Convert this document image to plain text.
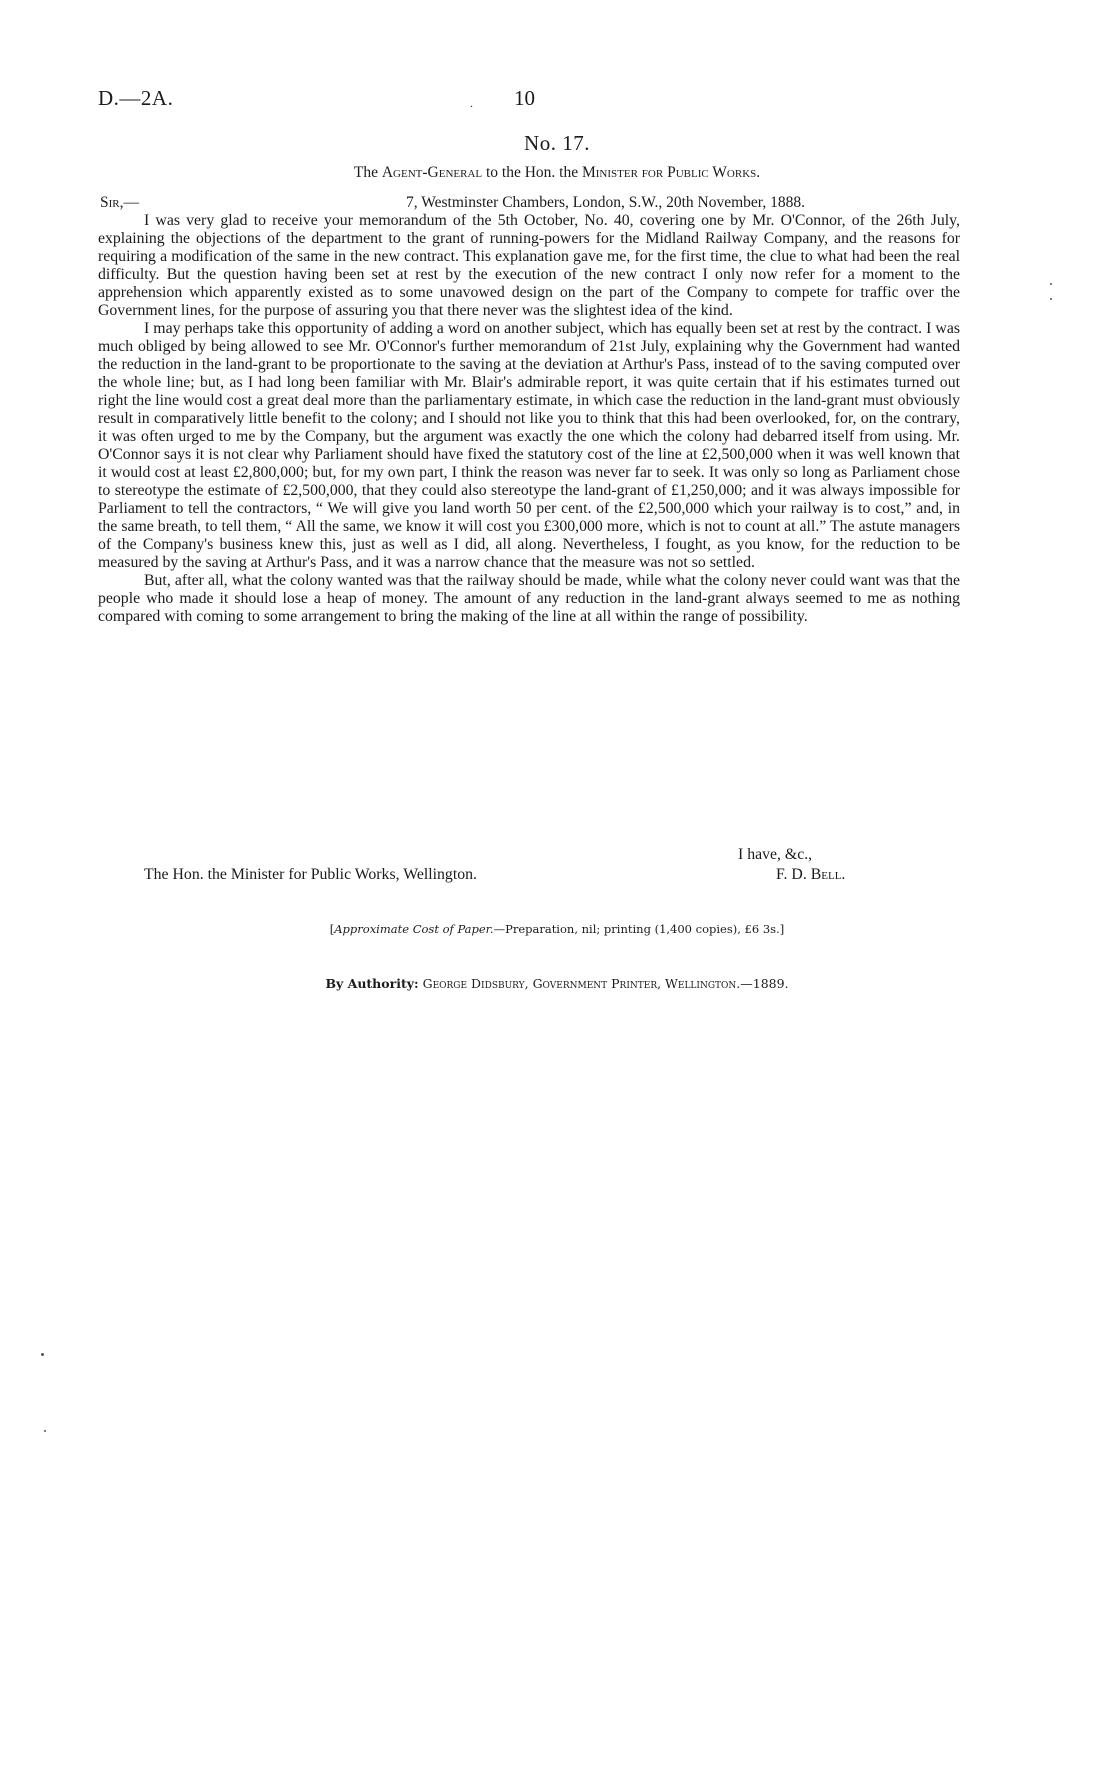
D.—2A.	. 10
No. 17.
The Agent-General to the Hon. the Minister for Public Works.
Sir,—	7, Westminster Chambers, London, S.W., 20th November, 1888.

I was very glad to receive your memorandum of the 5th October, No. 40, covering one by Mr. O'Connor, of the 26th July, explaining the objections of the department to the grant of running-powers for the Midland Railway Company, and the reasons for requiring a modification of the same in the new contract. This explanation gave me, for the first time, the clue to what had been the real difficulty. But the question having been set at rest by the execution of the new contract I only now refer for a moment to the apprehension which apparently existed as to some unavowed design on the part of the Company to compete for traffic over the Government lines, for the purpose of assuring you that there never was the slightest idea of the kind.

I may perhaps take this opportunity of adding a word on another subject, which has equally been set at rest by the contract. I was much obliged by being allowed to see Mr. O'Connor's further memorandum of 21st July, explaining why the Government had wanted the reduction in the land-grant to be proportionate to the saving at the deviation at Arthur's Pass, instead of to the saving computed over the whole line; but, as I had long been familiar with Mr. Blair's admirable report, it was quite certain that if his estimates turned out right the line would cost a great deal more than the parliamentary estimate, in which case the reduction in the land-grant must obviously result in comparatively little benefit to the colony; and I should not like you to think that this had been overlooked, for, on the contrary, it was often urged to me by the Company, but the argument was exactly the one which the colony had debarred itself from using. Mr. O'Connor says it is not clear why Parliament should have fixed the statutory cost of the line at £2,500,000 when it was well known that it would cost at least £2,800,000; but, for my own part, I think the reason was never far to seek. It was only so long as Parliament chose to stereotype the estimate of £2,500,000, that they could also stereotype the land-grant of £1,250,000; and it was always impossible for Parliament to tell the contractors, “ We will give you land worth 50 per cent. of the £2,500,000 which your railway is to cost,” and, in the same breath, to tell them, “ All the same, we know it will cost you £300,000 more, which is not to count at all.” The astute managers of the Company's business knew this, just as well as I did, all along. Nevertheless, I fought, as you know, for the reduction to be measured by the saving at Arthur's Pass, and it was a narrow chance that the measure was not so settled.

But, after all, what the colony wanted was that the railway should be made, while what the colony never could want was that the people who made it should lose a heap of money. The amount of any reduction in the land-grant always seemed to me as nothing compared with coming to some arrangement to bring the making of the line at all within the range of possibility.

I have, &c.,
The Hon. the Minister for Public Works, Wellington.	F. D. Bell.
[Approximate Cost of Paper.—Preparation, nil; printing (1,400 copies), £6 3s.]
By Authority: George Didsbury, Government Printer, Wellington.—1889.
